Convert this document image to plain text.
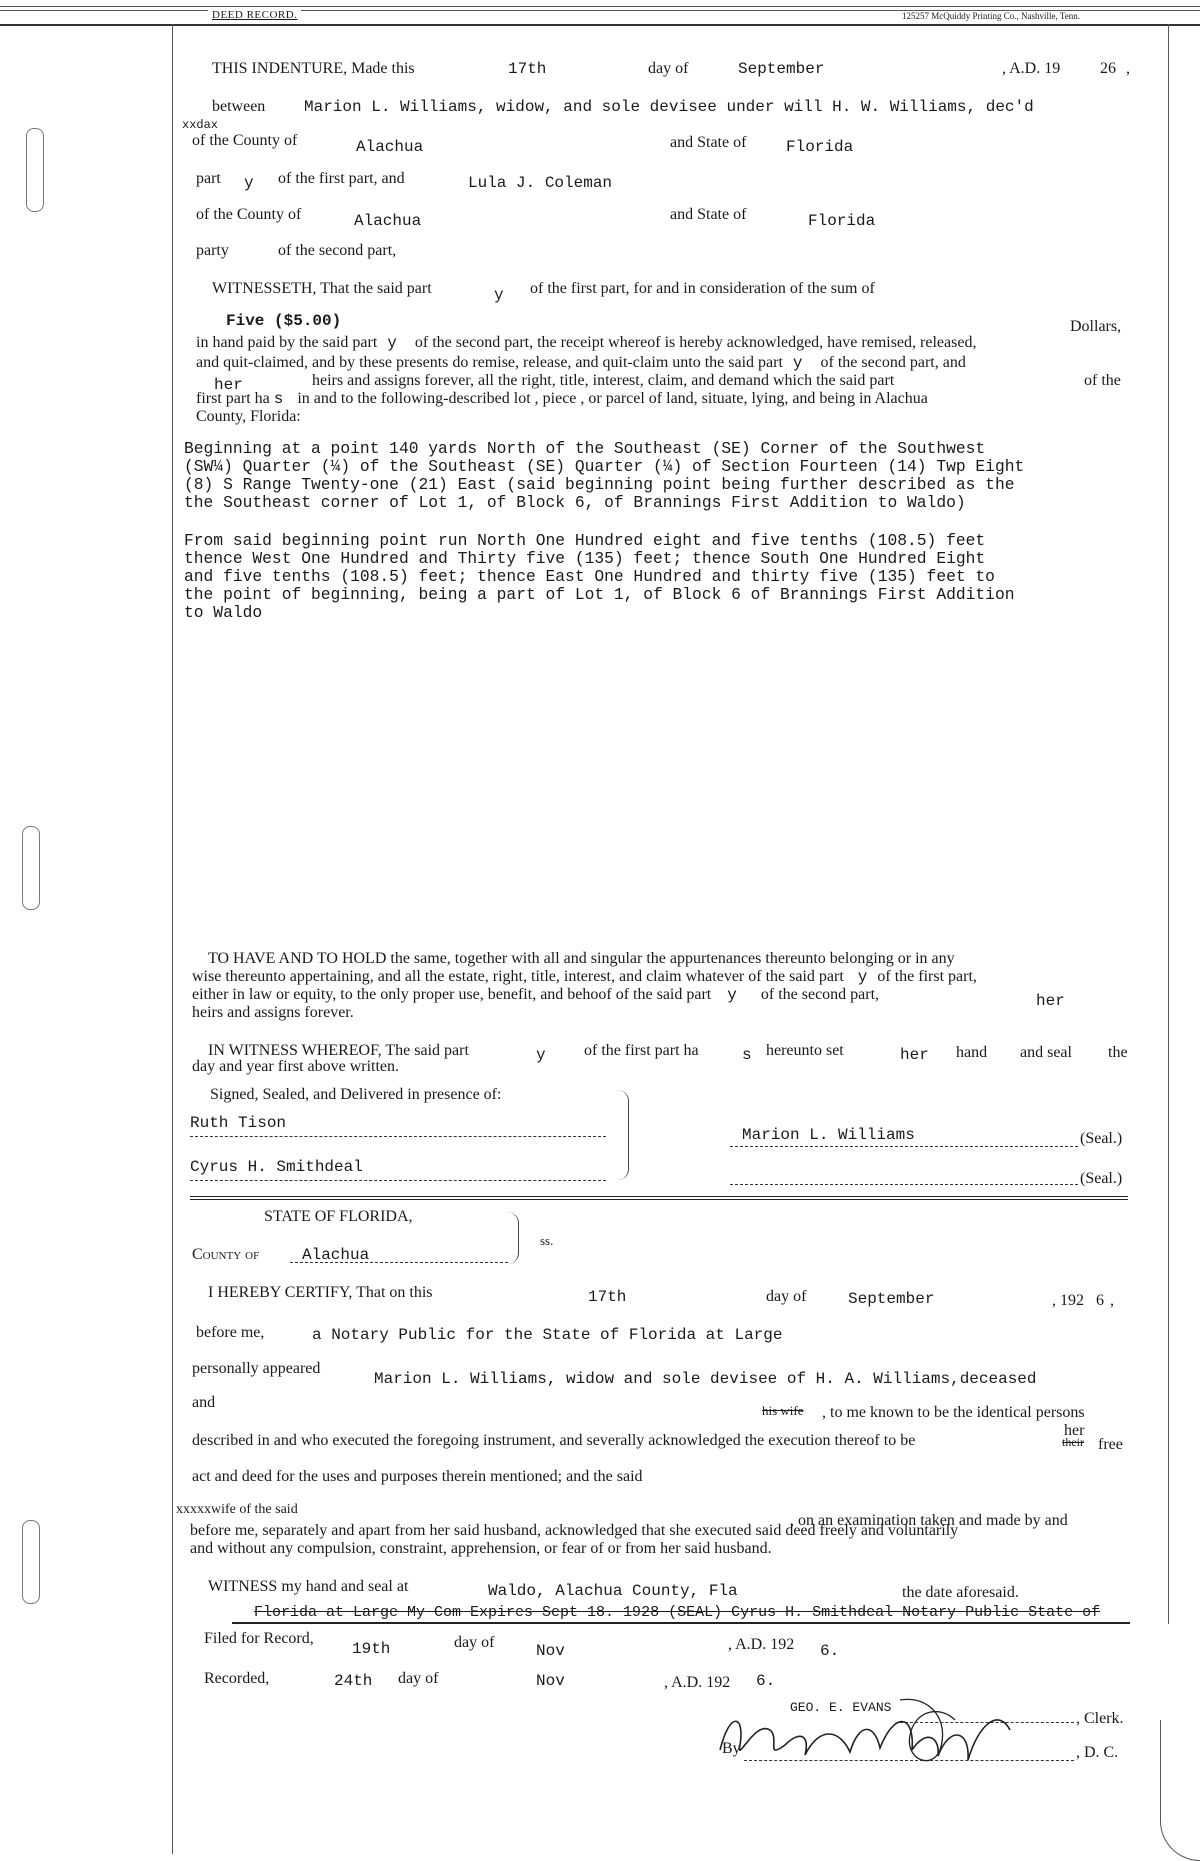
DEED RECORD.	125257 McQuiddy Printing Co., Nashville, Tenn.
THIS INDENTURE, Made this	17th	day of	September	, A.D. 19 26 ,
between Marion L. Williams, widow, and sole devisee under will H. W. Williams, dec'd
xxdax
of the County of	Alachua	and State of Florida
part y of the first part, and	Lula J. Coleman
of the County of	Alachua	and State of	Florida
party	of the second part,
WITNESSETH, That the said part	y of the first part, for and in consideration of the sum of
Five ($5.00)	Dollars,
in hand paid by the said part y of the second part, the receipt whereof is hereby acknowledged, have remised, released,
and quit-claimed, and by these presents do remise, release, and quit-claim unto the said part y of the second part, and
her	heirs and assigns forever, all the right, title, interest, claim, and demand which the said part	of the
first part ha s in and to the following-described lot , piece , or parcel of land, situate, lying, and being in Alachua
County, Florida:
Beginning at a point 140 yards North of the Southeast (SE) Corner of the Southwest
(SW¼) Quarter (¼) of the Southeast (SE) Quarter (¼) of Section Fourteen (14) Twp Eight
(8) S Range Twenty-one (21) East (said beginning point being further described as the
the Southeast corner of Lot 1, of Block 6, of Brannings First Addition to Waldo)
From said beginning point run North One Hundred eight and five tenths (108.5) feet
thence West One Hundred and Thirty five (135) feet; thence South One Hundred Eight
and five tenths (108.5) feet; thence East One Hundred and thirty five (135) feet to
the point of beginning, being a part of Lot 1, of Block 6 of Brannings First Addition
to Waldo
TO HAVE AND TO HOLD the same, together with all and singular the appurtenances thereunto belonging or in any
wise thereunto appertaining, and all the estate, right, title, interest, and claim whatever of the said part y of the first part,
either in law or equity, to the only proper use, benefit, and behoof of the said part y of the second part,	her
heirs and assigns forever.
IN WITNESS WHEREOF, The said part	y of the first part ha	s hereunto set	her hand and seal the
day and year first above written.
Signed, Sealed, and Delivered in presence of:
Ruth Tison
Cyrus H. Smithdeal
Marion L. Williams	(Seal.)
(Seal.)
STATE OF FLORIDA,
County of	Alachua
ss.
I HEREBY CERTIFY, That on this	17th	day of	September	, 192 6 ,
before me,	a Notary Public for the State of Florida at Large
personally appeared
Marion L. Williams, widow and sole devisee of H. A. Williams,deceased
and	his wife , to me known to be the identical persons
described in and who executed the foregoing instrument, and severally acknowledged the execution thereof to be
her
their free
act and deed for the uses and purposes therein mentioned; and the said
xxxxxwife of the said
, on an examination taken and made by and
before me, separately and apart from her said husband, acknowledged that she executed said deed freely and voluntarily
and without any compulsion, constraint, apprehension, or fear of or from her said husband.
WITNESS my hand and seal at	Waldo, Alachua County, Fla	the date aforesaid.
Florida at Large My Com Expires Sept 18. 1928 (SEAL) Cyrus H. Smithdeal Notary Public State of
Filed for Record,
19th	day of	Nov	, A.D. 192 6.
Recorded,	24th day of	Nov	, A.D. 192 6.
GEO. E. EVANS
, Clerk.
By	, D. C.
